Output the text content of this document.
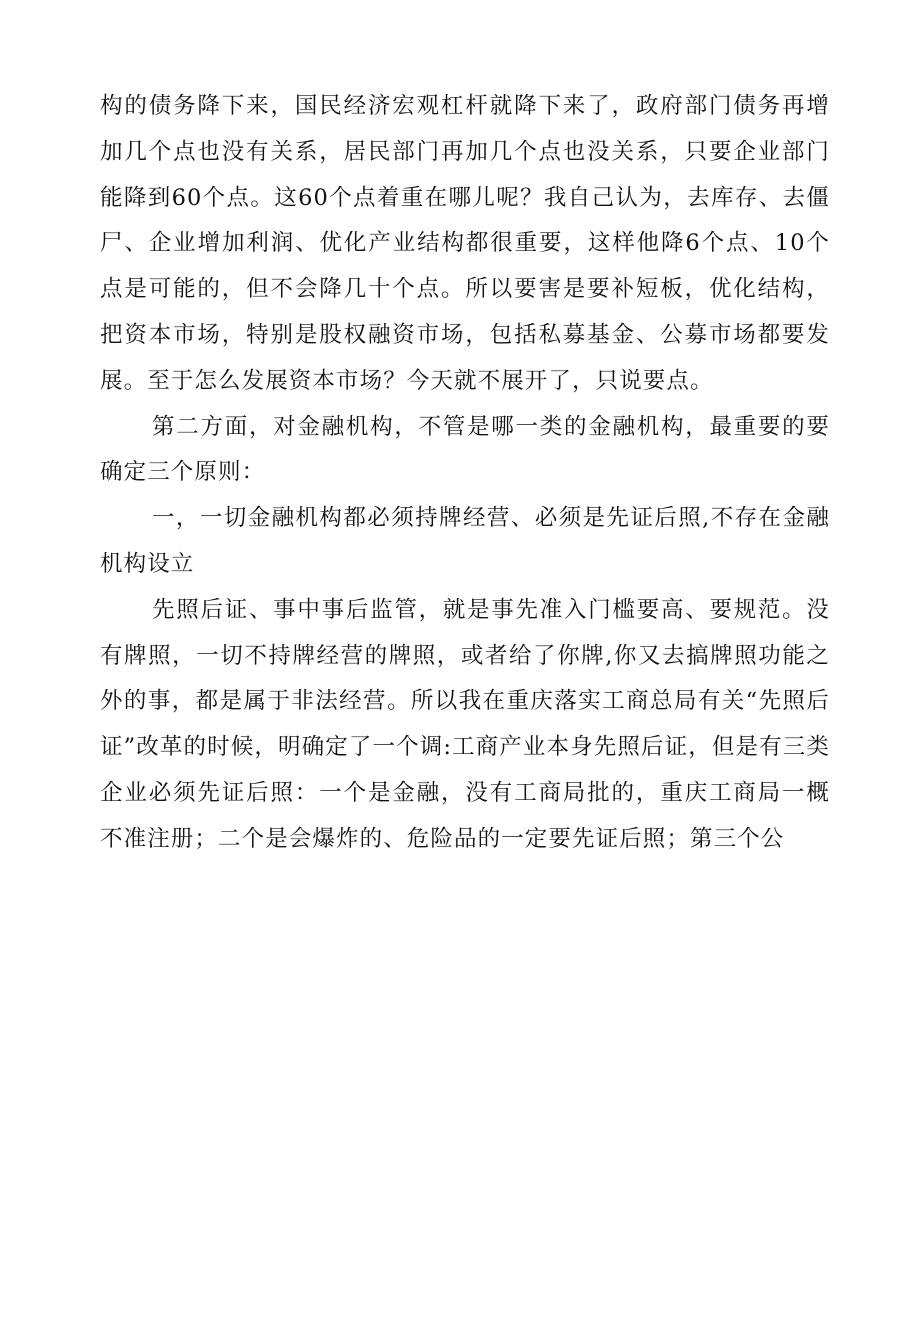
构的债务降下来，国民经济宏观杠杆就降下来了，政府部门债务再增加几个点也没有关系，居民部门再加几个点也没关系，只要企业部门能降到60个点。这60个点着重在哪儿呢？我自己认为，去库存、去僵尸、企业增加利润、优化产业结构都很重要，这样他降6个点、10个点是可能的，但不会降几十个点。所以要害是要补短板，优化结构，把资本市场，特别是股权融资市场，包括私募基金、公募市场都要发展。至于怎么发展资本市场？今天就不展开了，只说要点。

第二方面，对金融机构，不管是哪一类的金融机构，最重要的要确定三个原则：

一，一切金融机构都必须持牌经营、必须是先证后照,不存在金融机构设立

先照后证、事中事后监管，就是事先准入门槛要高、要规范。没有牌照，一切不持牌经营的牌照，或者给了你牌,你又去搞牌照功能之外的事，都是属于非法经营。所以我在重庆落实工商总局有关“先照后证”改革的时候，明确定了一个调:工商产业本身先照后证，但是有三类企业必须先证后照：一个是金融，没有工商局批的，重庆工商局一概不准注册；二个是会爆炸的、危险品的一定要先证后照；第三个公
